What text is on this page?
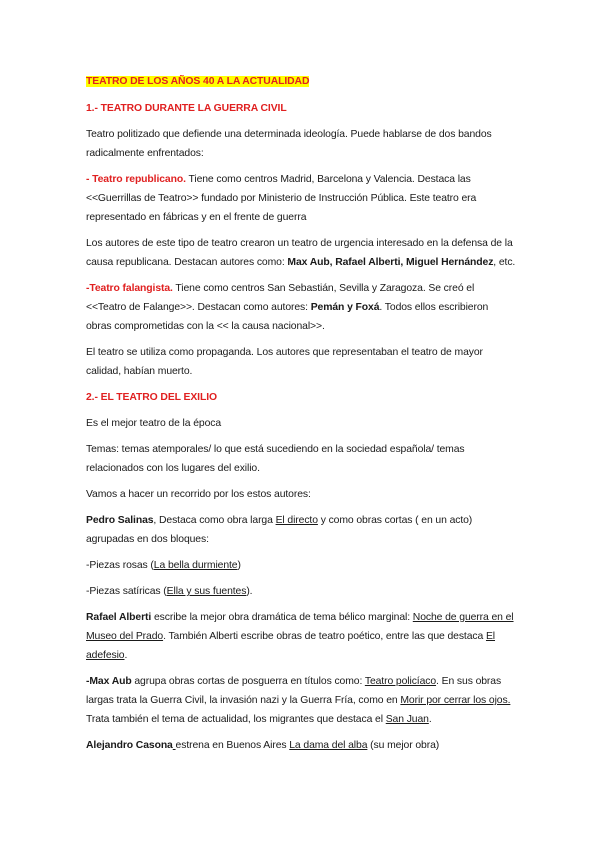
TEATRO DE LOS AÑOS 40 A LA ACTUALIDAD

1.- TEATRO DURANTE LA GUERRA CIVIL

Teatro politizado que defiende una determinada ideología. Puede hablarse de dos bandos radicalmente enfrentados:

- Teatro republicano. Tiene como centros Madrid, Barcelona y Valencia. Destaca las <<Guerrillas de Teatro>> fundado por Ministerio de Instrucción Pública. Este teatro era representado en fábricas y en el frente de guerra

Los autores de este tipo de teatro crearon un teatro de urgencia interesado en la defensa de la causa republicana. Destacan autores como: Max Aub, Rafael Alberti, Miguel Hernández, etc.

-Teatro falangista. Tiene como centros San Sebastián, Sevilla y Zaragoza. Se creó el <<Teatro de Falange>>. Destacan como autores: Pemán y Foxá. Todos ellos escribieron obras comprometidas con la << la causa nacional>>.

El teatro se utiliza como propaganda. Los autores que representaban el teatro de mayor calidad, habían muerto.

2.- EL TEATRO DEL EXILIO

Es el mejor teatro de la época

Temas: temas atemporales/ lo que está sucediendo en la sociedad española/ temas relacionados con los lugares del exilio.

Vamos a hacer un recorrido por los estos autores:

Pedro Salinas, Destaca como obra larga El directo y como obras cortas ( en un acto) agrupadas en dos bloques:

-Piezas rosas (La bella durmiente)

-Piezas satíricas (Ella y sus fuentes).

Rafael Alberti escribe la mejor obra dramática de tema bélico marginal: Noche de guerra en el Museo del Prado. También Alberti escribe obras de teatro poético, entre las que destaca El adefesio.

-Max Aub agrupa obras cortas de posguerra en títulos como: Teatro policíaco. En sus obras largas trata la Guerra Civil, la invasión nazi y la Guerra Fría, como en Morir por cerrar los ojos. Trata también el tema de actualidad, los migrantes que destaca el San Juan.

Alejandro Casona estrena en Buenos Aires La dama del alba (su mejor obra)
